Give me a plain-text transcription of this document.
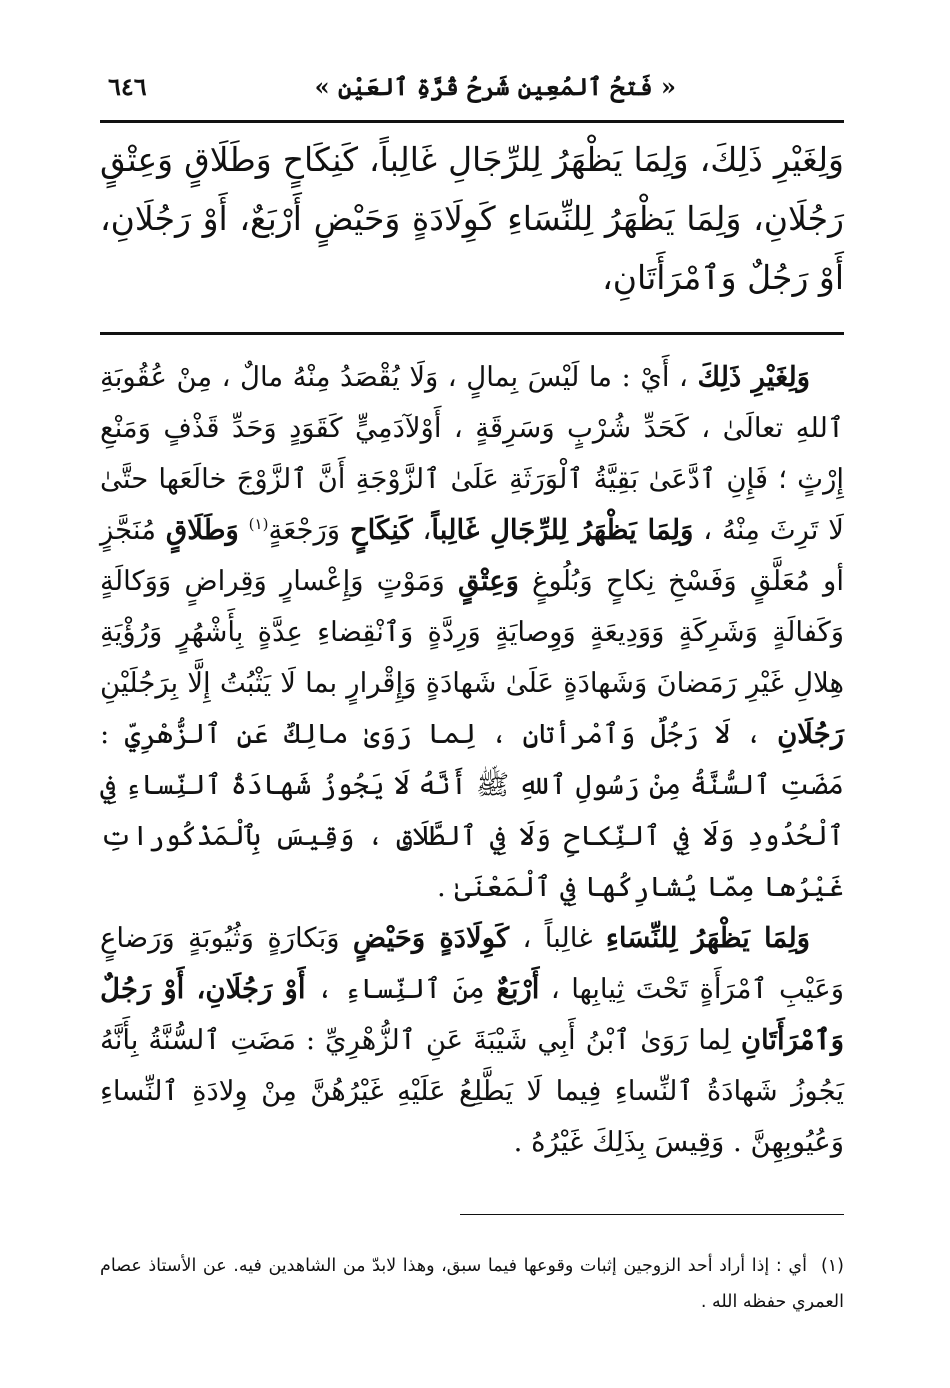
« فَتحُ ٱلمُعِينِ شَرحُ قُرَّةِ ٱلعَيْنِ »
٦٤٦

وَلِغَيْرِ ذَلِكَ، وَلِمَا يَظْهَرُ لِلرِّجَالِ غَالِباً، كَنِكَاحٍ وَطَلَاقٍ وَعِتْقٍ رَجُلَانِ، وَلِمَا يَظْهَرُ لِلنِّسَاءِ كَوِلَادَةٍ وَحَيْضٍ أَرْبَعٌ، أَوْ رَجُلَانِ، أَوْ رَجُلٌ وَٱمْرَأَتَانِ،

وَلِغَيْرِ ذَلِكَ ، أَيْ : ما لَيْسَ بِمالٍ ، وَلَا يُقْصَدُ مِنْهُ مالٌ ، مِنْ عُقُوبَةِ ٱللهِ تعالَىٰ ، كَحَدِّ شُرْبٍ وَسَرِقَةٍ ، أَوْلآدَمِيٍّ كَقَوَدٍ وَحَدِّ قَذْفٍ وَمَنْعِ إِرْثٍ ؛ فَإِنِ ٱدَّعَىٰ بَقِيَّةُ ٱلْوَرَثَةِ عَلَىٰ ٱلزَّوْجَةِ أَنَّ ٱلزَّوْجَ خالَعَها حتَّىٰ لَا تَرِثَ مِنْهُ ، وَلِمَا يَظْهَرُ لِلرِّجَالِ غَالِباً، كَنِكَاحٍ وَرَجْعَةٍ$^{(١)}$ وَطَلَاقٍ مُنَجَّزٍ أو مُعَلَّقٍ وَفَسْخِ نِكاحٍ وَبُلُوغٍ وَعِتْقٍ وَمَوْتٍ وَإِعْسارٍ وَقِراضٍ وَوَكالَةٍ وَكَفالَةٍ وَشَرِكَةٍ وَوَدِيعَةٍ وَوِصايَةٍ وَرِدَّةٍ وَٱنْقِضاءِ عِدَّةٍ بِأَشْهُرٍ وَرُؤْيَةِ هِلالِ غَيْرِ رَمَضانَ وَشَهادَةٍ عَلَىٰ شَهادَةٍ وَإِقْرارٍ بما لَا يَثْبُتُ إِلَّا بِرَجُلَيْنِ رَجُلَانِ ، لَا رَجُلٌ وَٱمْرأتانِ ، لِما رَوَىٰ مالِكٌ عَنِ ٱلزُّهْرِيِّ : مَضَتِ ٱلسُّنَّةُ مِنْ رَسُولِ ٱللهِ ﷺ أَنَّهُ لَا يَجُوزُ شَهادَةُ ٱلنِّساءِ فِي ٱلْحُدُودِ وَلَا فِي ٱلنِّكاحِ وَلَا فِي ٱلطَّلَاقِ ، وَقِيسَ بِٱلْمَذْكُوراتِ غَيْرُها مِمّا يُشارِكُها فِي ٱلْمَعْنَىٰ .

وَلِمَا يَظْهَرُ لِلنِّسَاءِ غالِباً ، كَوِلَادَةٍ وَحَيْضٍ وَبَكارَةٍ وَثُيُوبَةٍ وَرَضاعٍ وَعَيْبِ ٱمْرَأَةٍ تَحْتَ ثِيابِها ، أَرْبَعٌ مِنَ ٱلنِّساءِ ، أَوْ رَجُلَانِ، أَوْ رَجُلٌ وَٱمْرَأَتَانِ لِما رَوَىٰ ٱبْنُ أَبِي شَيْبَةَ عَنِ ٱلزُّهْرِيِّ : مَضَتِ ٱلسُّنَّةُ بِأَنَّهُ يَجُوزُ شَهادَةُ ٱلنِّساءِ فِيما لَا يَطَّلِعُ عَلَيْهِ غَيْرُهُنَّ مِنْ وِلادَةِ ٱلنِّساءِ وَعُيُوبِهِنَّ . وَقِيسَ بِذَلِكَ غَيْرُهُ .

(١)أي : إذا أراد أحد الزوجين إثبات وقوعها فيما سبق، وهذا لابدّ من الشاهدين فيه. عن الأستاذ عصام العمري حفظه الله .
